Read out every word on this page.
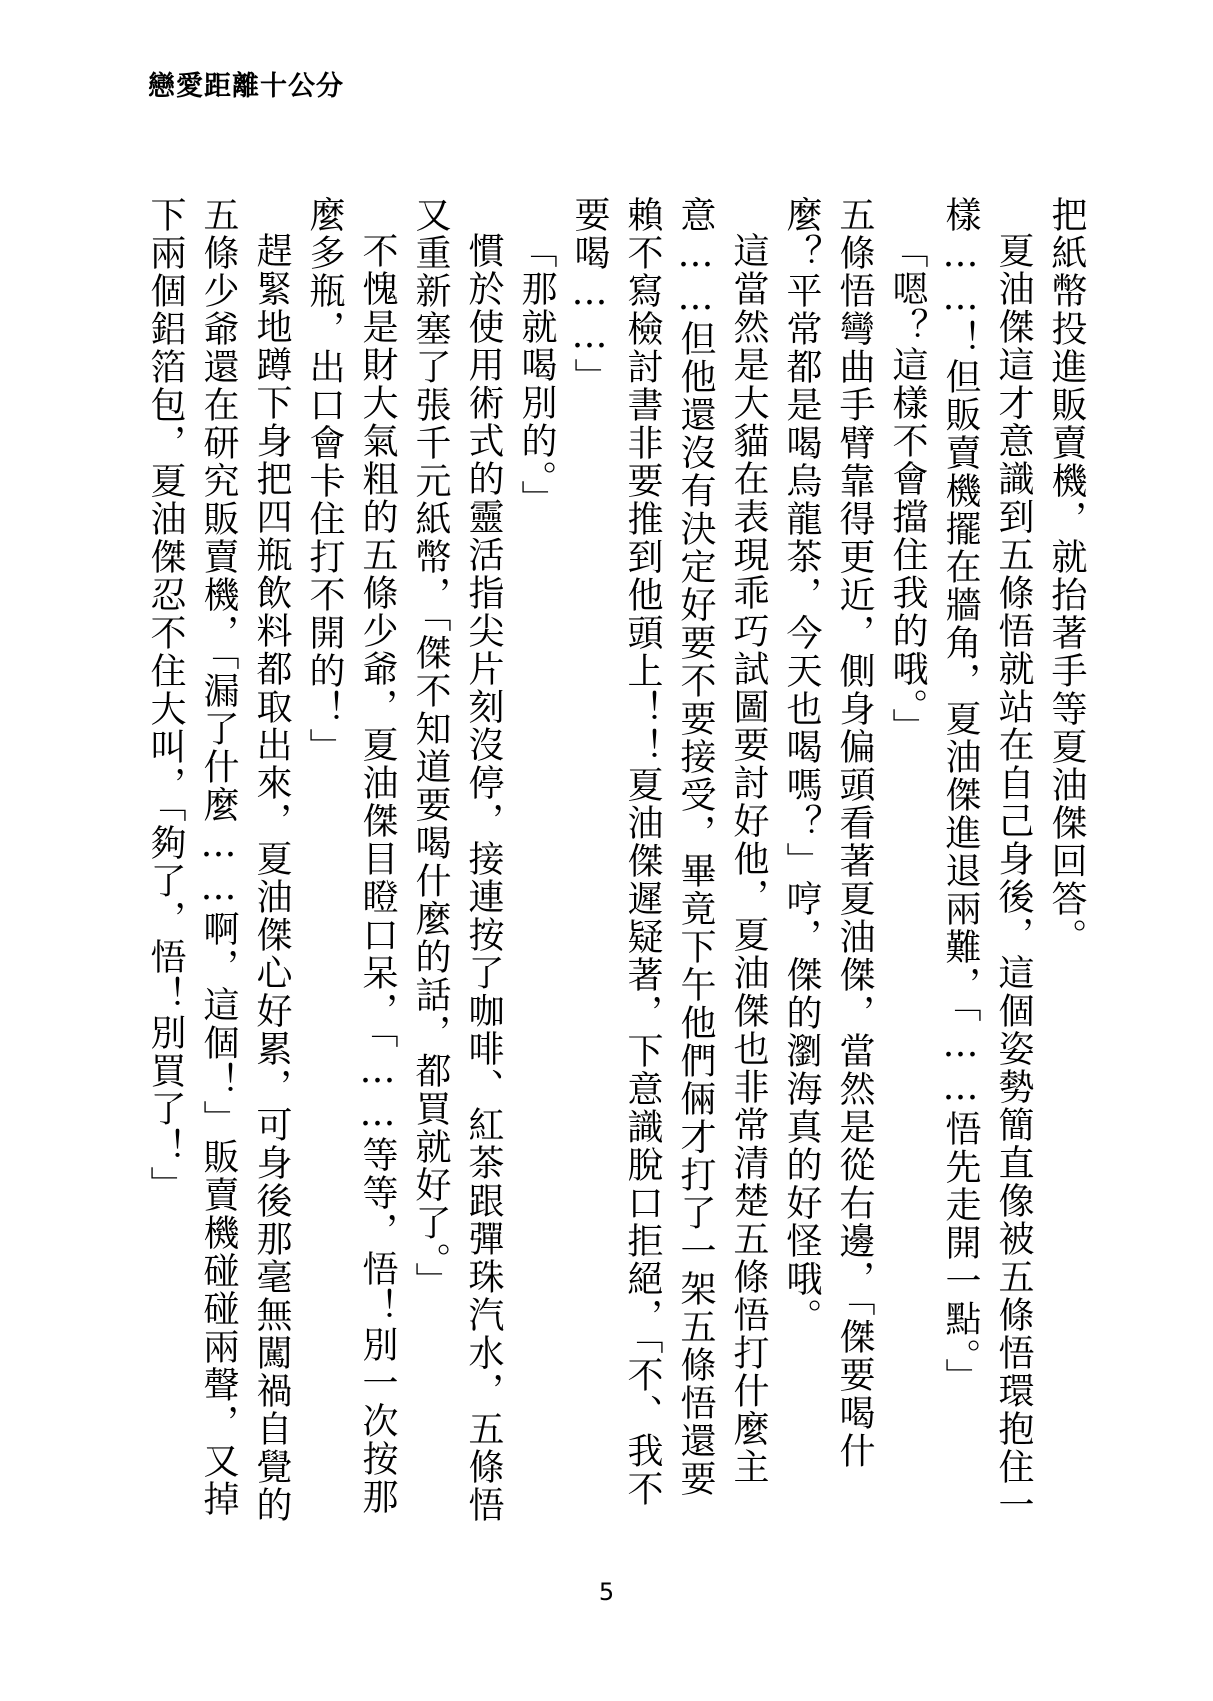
戀愛距離十公分

把紙幣投進販賣機，就抬著手等夏油傑回答。

夏油傑這才意識到五條悟就站在自己身後，這個姿勢簡直像被五條悟環抱住一樣……！但販賣機擺在牆角，夏油傑進退兩難，「……悟先走開一點。」

「嗯？這樣不會擋住我的哦。」

五條悟彎曲手臂靠得更近，側身偏頭看著夏油傑，當然是從右邊，「傑要喝什麼？平常都是喝烏龍茶，今天也喝嗎？」哼，傑的瀏海真的好怪哦。

這當然是大貓在表現乖巧試圖要討好他，夏油傑也非常清楚五條悟打什麼主意……但他還沒有決定好要不要接受，畢竟下午他們倆才打了一架五條悟還要賴不寫檢討書非要推到他頭上！！夏油傑遲疑著，下意識脫口拒絕，「不、我不要喝……」

「那就喝別的。」

慣於使用術式的靈活指尖片刻沒停，接連按了咖啡、紅茶跟彈珠汽水，五條悟又重新塞了張千元紙幣，「傑不知道要喝什麼的話，都買就好了。」

不愧是財大氣粗的五條少爺，夏油傑目瞪口呆，「……等等，悟！別一次按那麼多瓶，出口會卡住打不開的！」

趕緊地蹲下身把四瓶飲料都取出來，夏油傑心好累，可身後那毫無闖禍自覺的五條少爺還在研究販賣機，「漏了什麼……啊，這個！」販賣機碰碰兩聲，又掉下兩個鋁箔包，夏油傑忍不住大叫，「夠了，悟！別買了！」

5
